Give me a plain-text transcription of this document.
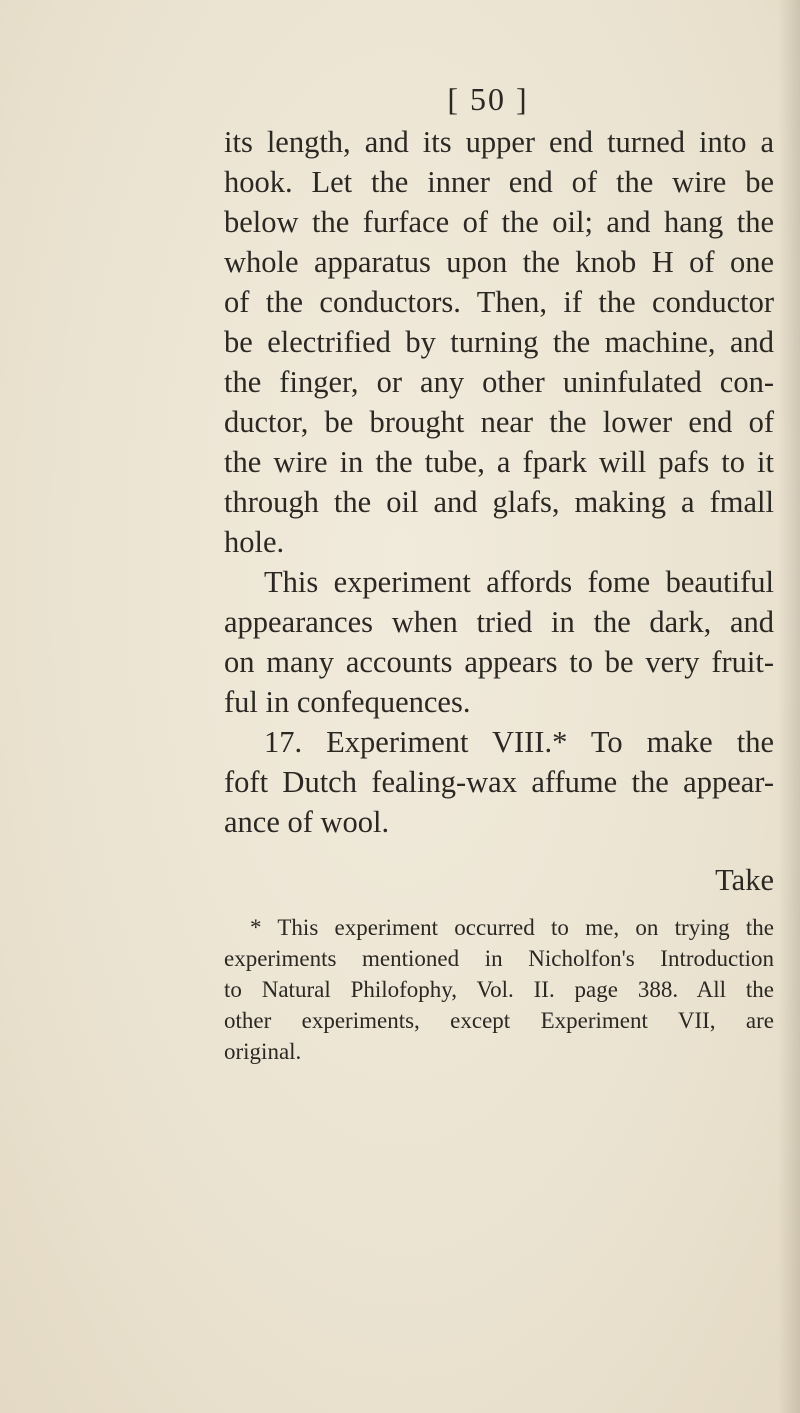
[ 50 ]
its length, and its upper end turned into a
hook. Let the inner end of the wire be
below the furface of the oil; and hang the
whole apparatus upon the knob H of one
of the conductors. Then, if the conductor
be electrified by turning the machine, and
the finger, or any other uninfulated con-
ductor, be brought near the lower end of
the wire in the tube, a fpark will pafs to it
through the oil and glafs, making a fmall
hole.
This experiment affords fome beautiful
appearances when tried in the dark, and
on many accounts appears to be very fruit-
ful in confequences.
17. Experiment VIII.* To make the
foft Dutch fealing-wax affume the appear-
ance of wool.
Take
* This experiment occurred to me, on trying the
experiments mentioned in Nicholfon's Introduction
to Natural Philofophy, Vol. II. page 388. All the
other experiments, except Experiment VII, are
original.
